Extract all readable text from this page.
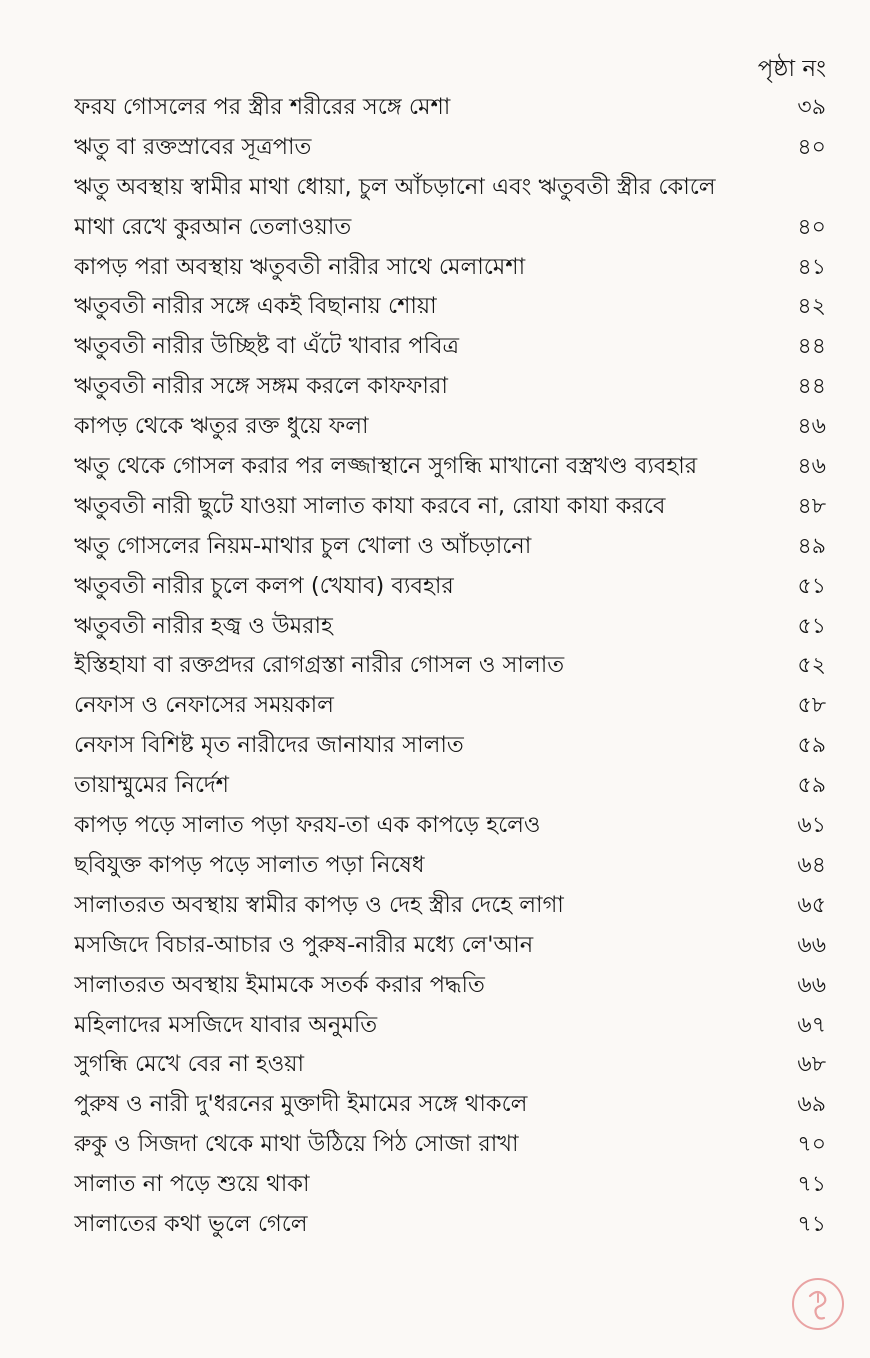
পৃষ্ঠা নং
ফরয গোসলের পর স্ত্রীর শরীরের সঙ্গে মেশা	৩৯
ঋতু বা রক্তস্রাবের সূত্রপাত	৪০
ঋতু অবস্থায় স্বামীর মাথা ধোয়া, চুল আঁচড়ানো এবং ঋতুবতী স্ত্রীর কোলে
মাথা রেখে কুরআন তেলাওয়াত	৪০
কাপড় পরা অবস্থায় ঋতুবতী নারীর সাথে মেলামেশা	৪১
ঋতুবতী নারীর সঙ্গে একই বিছানায় শোয়া	৪২
ঋতুবতী নারীর উচ্ছিষ্ট বা এঁটে খাবার পবিত্র	৪৪
ঋতুবতী নারীর সঙ্গে সঙ্গম করলে কাফফারা	৪৪
কাপড় থেকে ঋতুর রক্ত ধুয়ে ফলা	৪৬
ঋতু থেকে গোসল করার পর লজ্জাস্থানে সুগন্ধি মাখানো বস্ত্রখণ্ড ব্যবহার	৪৬
ঋতুবতী নারী ছুটে যাওয়া সালাত কাযা করবে না, রোযা কাযা করবে	৪৮
ঋতু গোসলের নিয়ম-মাথার চুল খোলা ও আঁচড়ানো	৪৯
ঋতুবতী নারীর চুলে কলপ (খেযাব) ব্যবহার	৫১
ঋতুবতী নারীর হজ্ব ও উমরাহ	৫১
ইস্তিহাযা বা রক্তপ্রদর রোগগ্রস্তা নারীর গোসল ও সালাত	৫২
নেফাস ও নেফাসের সময়কাল	৫৮
নেফাস বিশিষ্ট মৃত নারীদের জানাযার সালাত	৫৯
তায়াম্মুমের নির্দেশ	৫৯
কাপড় পড়ে সালাত পড়া ফরয-তা এক কাপড়ে হলেও	৬১
ছবিযুক্ত কাপড় পড়ে সালাত পড়া নিষেধ	৬৪
সালাতরত অবস্থায় স্বামীর কাপড় ও দেহ স্ত্রীর দেহে লাগা	৬৫
মসজিদে বিচার-আচার ও পুরুষ-নারীর মধ্যে লে'আন	৬৬
সালাতরত অবস্থায় ইমামকে সতর্ক করার পদ্ধতি	৬৬
মহিলাদের মসজিদে যাবার অনুমতি	৬৭
সুগন্ধি মেখে বের না হওয়া	৬৮
পুরুষ ও নারী দু'ধরনের মুক্তাদী ইমামের সঙ্গে থাকলে	৬৯
রুকু ও সিজদা থেকে মাথা উঠিয়ে পিঠ সোজা রাখা	৭০
সালাত না পড়ে শুয়ে থাকা	৭১
সালাতের কথা ভুলে গেলে	৭১
